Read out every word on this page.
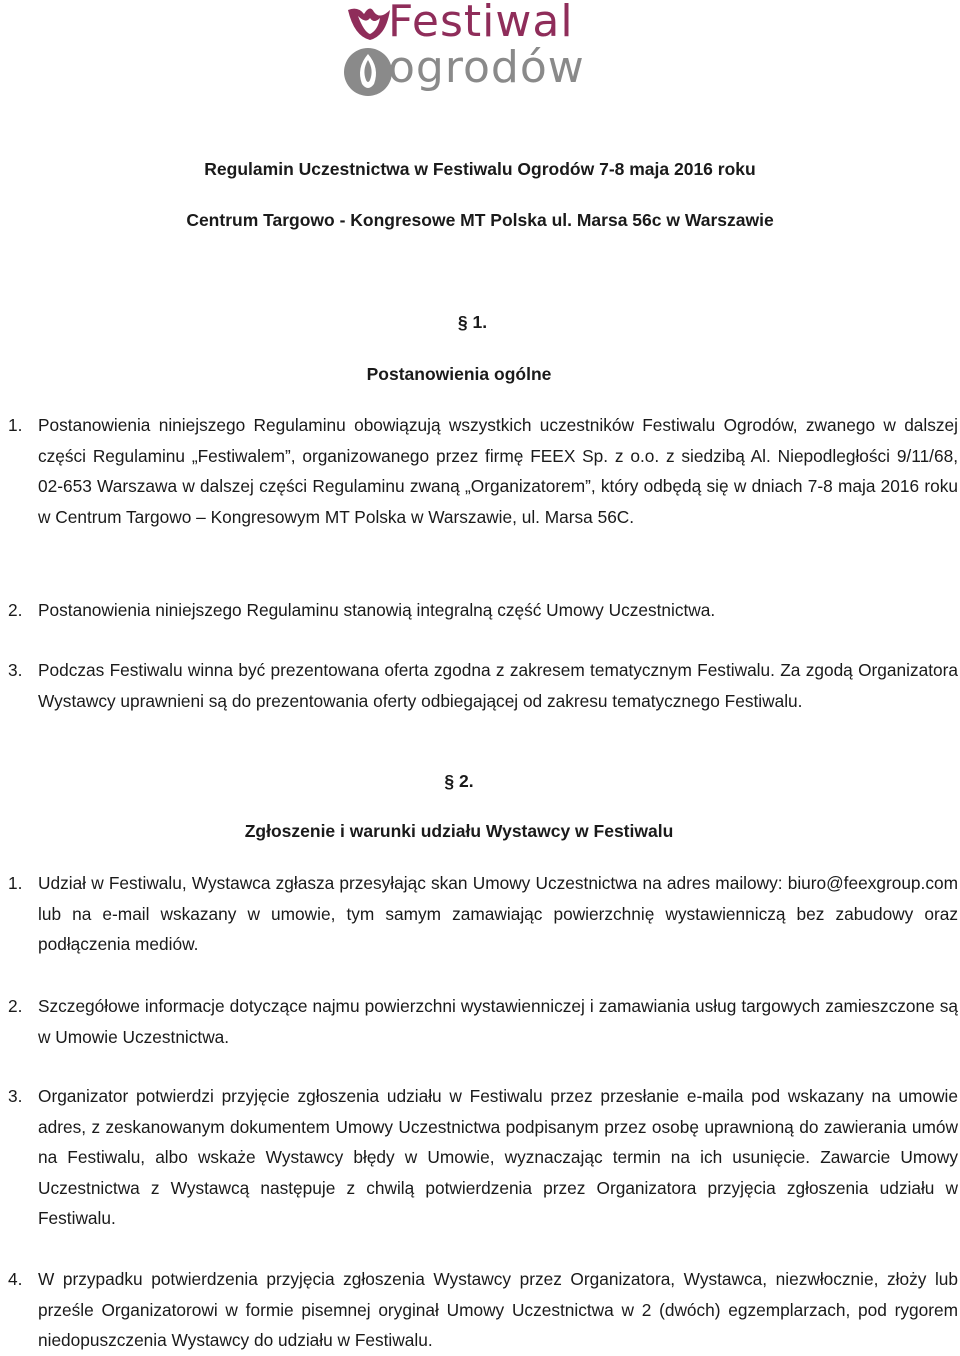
Festiwal
ogrodów
Regulamin Uczestnictwa w Festiwalu Ogrodów 7-8 maja 2016 roku
Centrum Targowo - Kongresowe MT Polska ul. Marsa 56c w Warszawie
§ 1.
Postanowienia ogólne
1. Postanowienia niniejszego Regulaminu obowiązują wszystkich uczestników Festiwalu Ogrodów, zwanego w dalszej części Regulaminu „Festiwalem”, organizowanego przez firmę FEEX Sp. z o.o. z siedzibą Al. Niepodległości 9/11/68, 02-653 Warszawa w dalszej części Regulaminu zwaną „Organizatorem”, który odbędą się w dniach 7-8 maja 2016 roku w Centrum Targowo – Kongresowym MT Polska w Warszawie, ul. Marsa 56C.
2. Postanowienia niniejszego Regulaminu stanowią integralną część Umowy Uczestnictwa.
3. Podczas Festiwalu winna być prezentowana oferta zgodna z zakresem tematycznym Festiwalu. Za zgodą Organizatora Wystawcy uprawnieni są do prezentowania oferty odbiegającej od zakresu tematycznego Festiwalu.
§ 2.
Zgłoszenie i warunki udziału Wystawcy w Festiwalu
1. Udział w Festiwalu, Wystawca zgłasza przesyłając skan Umowy Uczestnictwa na adres mailowy: biuro@feexgroup.com lub na e-mail wskazany w umowie, tym samym zamawiając powierzchnię wystawienniczą bez zabudowy oraz podłączenia mediów.
2. Szczegółowe informacje dotyczące najmu powierzchni wystawienniczej i zamawiania usług targowych zamieszczone są w Umowie Uczestnictwa.
3. Organizator potwierdzi przyjęcie zgłoszenia udziału w Festiwalu przez przesłanie e-maila pod wskazany na umowie adres, z zeskanowanym dokumentem Umowy Uczestnictwa podpisanym przez osobę uprawnioną do zawierania umów na Festiwalu, albo wskaże Wystawcy błędy w Umowie, wyznaczając termin na ich usunięcie. Zawarcie Umowy Uczestnictwa z Wystawcą następuje z chwilą potwierdzenia przez Organizatora przyjęcia zgłoszenia udziału w Festiwalu.
4. W przypadku potwierdzenia przyjęcia zgłoszenia Wystawcy przez Organizatora, Wystawca, niezwłocznie, złoży lub prześle Organizatorowi w formie pisemnej oryginał Umowy Uczestnictwa w 2 (dwóch) egzemplarzach, pod rygorem niedopuszczenia Wystawcy do udziału w Festiwalu.
